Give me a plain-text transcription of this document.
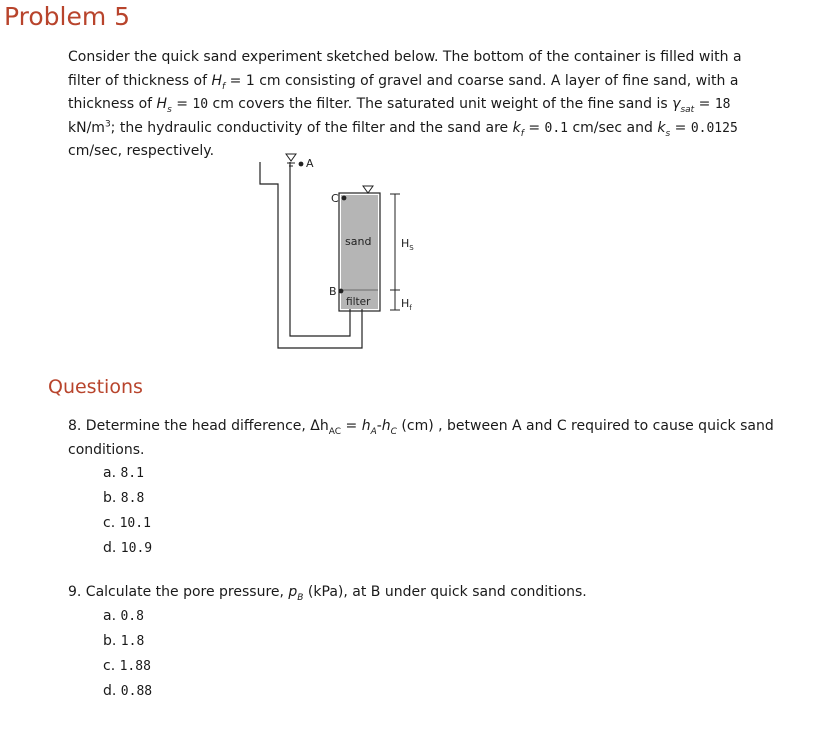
Problem 5

Consider the quick sand experiment sketched below. The bottom of the container is filled with a filter of thickness of $H_f = 1$ cm consisting of gravel and coarse sand. A layer of fine sand, with a thickness of $H_s = 10$ cm covers the filter. The saturated unit weight of the fine sand is $\gamma_{sat} = 18$ $kN/m^3$; the hydraulic conductivity of the filter and the sand are $k_f = 0.1$ cm/sec and $k_s = 0.0125$ cm/sec, respectively.

A
C
B
sand
filter
$H_S$
$H_f$
Questions

8. Determine the head difference, $\Delta h_{AC} = h_A-h_C$ (cm) , between A and C required to cause quick sand conditions.

a. 8.1
b. 8.8
c. 10.1
d. 10.9

9. Calculate the pore pressure, $p_B$ (kPa), at B under quick sand conditions.

a. 0.8
b. 1.8
c. 1.88
d. 0.88
